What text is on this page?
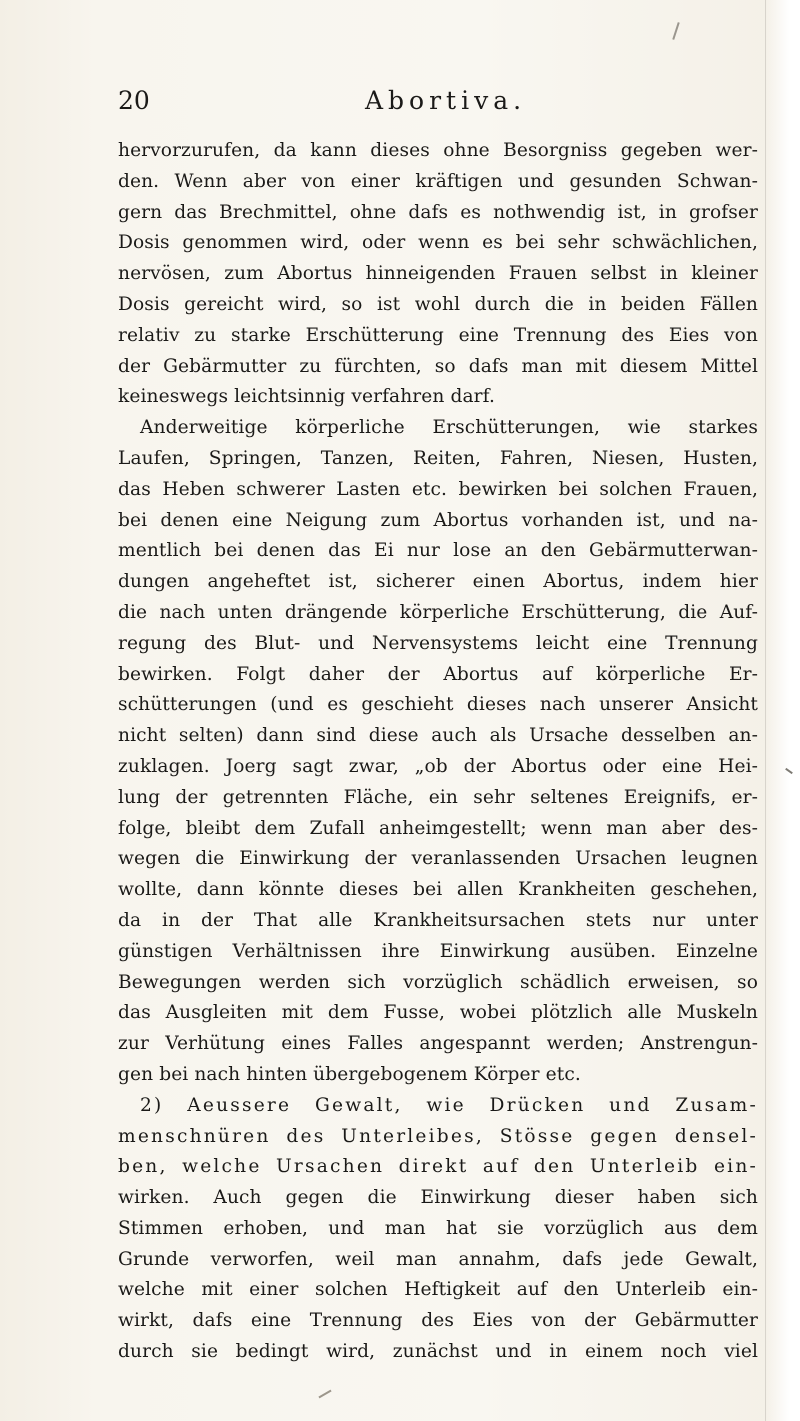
20	Abortiva.
hervorzurufen, da kann dieses ohne Besorgniss gegeben wer-
den. Wenn aber von einer kräftigen und gesunden Schwan-
gern das Brechmittel, ohne dafs es nothwendig ist, in grofser
Dosis genommen wird, oder wenn es bei sehr schwächlichen,
nervösen, zum Abortus hinneigenden Frauen selbst in kleiner
Dosis gereicht wird, so ist wohl durch die in beiden Fällen
relativ zu starke Erschütterung eine Trennung des Eies von
der Gebärmutter zu fürchten, so dafs man mit diesem Mittel
keineswegs leichtsinnig verfahren darf.
Anderweitige körperliche Erschütterungen, wie starkes
Laufen, Springen, Tanzen, Reiten, Fahren, Niesen, Husten,
das Heben schwerer Lasten etc. bewirken bei solchen Frauen,
bei denen eine Neigung zum Abortus vorhanden ist, und na-
mentlich bei denen das Ei nur lose an den Gebärmutterwan-
dungen angeheftet ist, sicherer einen Abortus, indem hier
die nach unten drängende körperliche Erschütterung, die Auf-
regung des Blut- und Nervensystems leicht eine Trennung
bewirken. Folgt daher der Abortus auf körperliche Er-
schütterungen (und es geschieht dieses nach unserer Ansicht
nicht selten) dann sind diese auch als Ursache desselben an-
zuklagen. Joerg sagt zwar, „ob der Abortus oder eine Hei-
lung der getrennten Fläche, ein sehr seltenes Ereignifs, er-
folge, bleibt dem Zufall anheimgestellt; wenn man aber des-
wegen die Einwirkung der veranlassenden Ursachen leugnen
wollte, dann könnte dieses bei allen Krankheiten geschehen,
da in der That alle Krankheitsursachen stets nur unter
günstigen Verhältnissen ihre Einwirkung ausüben. Einzelne
Bewegungen werden sich vorzüglich schädlich erweisen, so
das Ausgleiten mit dem Fusse, wobei plötzlich alle Muskeln
zur Verhütung eines Falles angespannt werden; Anstrengun-
gen bei nach hinten übergebogenem Körper etc.
2) Aeussere Gewalt, wie Drücken und Zusam-
menschnüren des Unterleibes, Stösse gegen densel-
ben, welche Ursachen direkt auf den Unterleib ein-
wirken. Auch gegen die Einwirkung dieser haben sich
Stimmen erhoben, und man hat sie vorzüglich aus dem
Grunde verworfen, weil man annahm, dafs jede Gewalt,
welche mit einer solchen Heftigkeit auf den Unterleib ein-
wirkt, dafs eine Trennung des Eies von der Gebärmutter
durch sie bedingt wird, zunächst und in einem noch viel
